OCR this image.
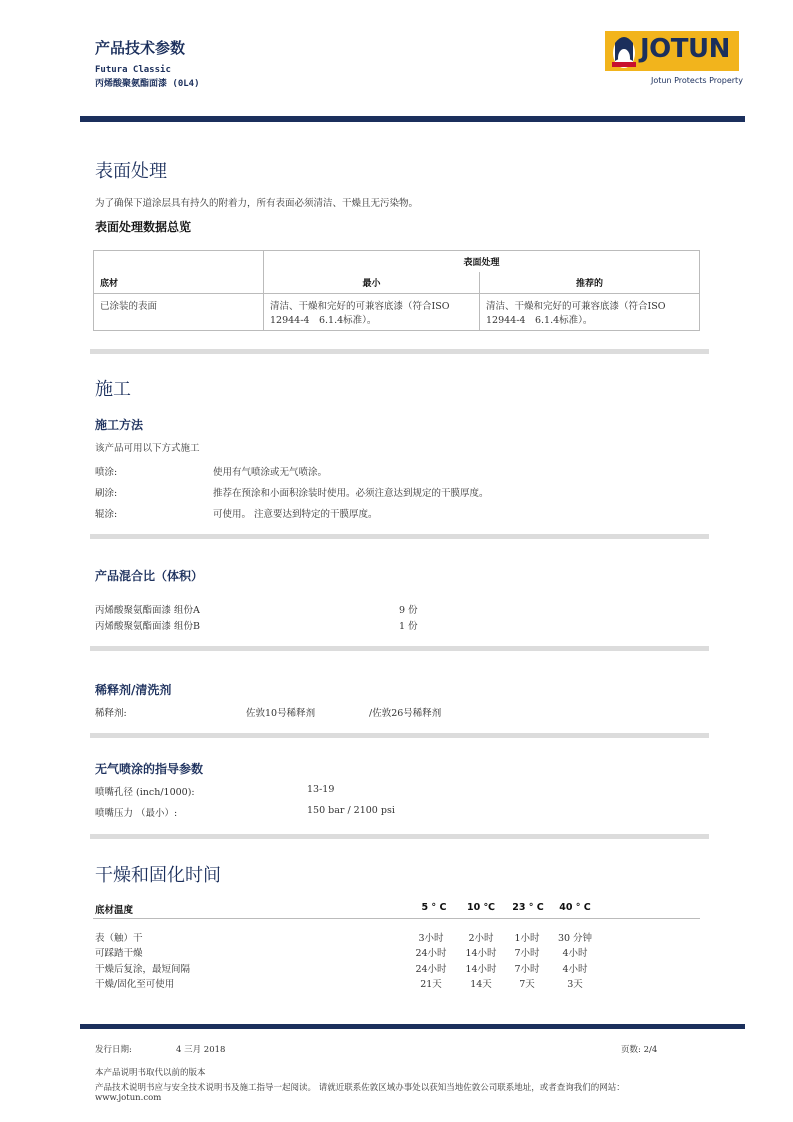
产品技术参数
Futura Classic
丙烯酸聚氨酯面漆 (0L4)
JOTUN
Jotun Protects Property
表面处理
为了确保下道涂层具有持久的附着力，所有表面必须清洁、干燥且无污染物。
表面处理数据总览
	表面处理	
底材	最小	推荐的
已涂装的表面	清洁、干燥和完好的可兼容底漆（符合ISO 12944-4　6.1.4标准）。	清洁、干燥和完好的可兼容底漆（符合ISO 12944-4　6.1.4标准）。
施工
施工方法
该产品可用以下方式施工
喷涂:	使用有气喷涂或无气喷涂。
刷涂:	推荐在预涂和小面积涂装时使用。必须注意达到规定的干膜厚度。
辊涂:	可使用。 注意要达到特定的干膜厚度。
产品混合比（体积）
丙烯酸聚氨酯面漆 组份A	9 份
丙烯酸聚氨酯面漆 组份B	1 份
稀释剂/清洗剂
稀释剂:	佐敦10号稀释剂	/佐敦26号稀释剂
无气喷涂的指导参数
喷嘴孔径 (inch/1000):	13-19
喷嘴压力 （最小）:	150 bar / 2100 psi
干燥和固化时间
底材温度	5 ° C	10 ℃	23 ° C	40 ° C
表（触）干	3小时	2小时	1小时	30 分钟
可踩踏干燥	24小时	14小时	7小时	4小时
干燥后复涂，最短间隔	24小时	14小时	7小时	4小时
干燥/固化至可使用	21天	14天	7天	3天
发行日期:	4 三月 2018	页数: 2/4
本产品说明书取代以前的版本
产品技术说明书应与安全技术说明书及施工指导一起阅读。 请就近联系佐敦区域办事处以获知当地佐敦公司联系地址，或者查询我们的网站：
www.jotun.com
